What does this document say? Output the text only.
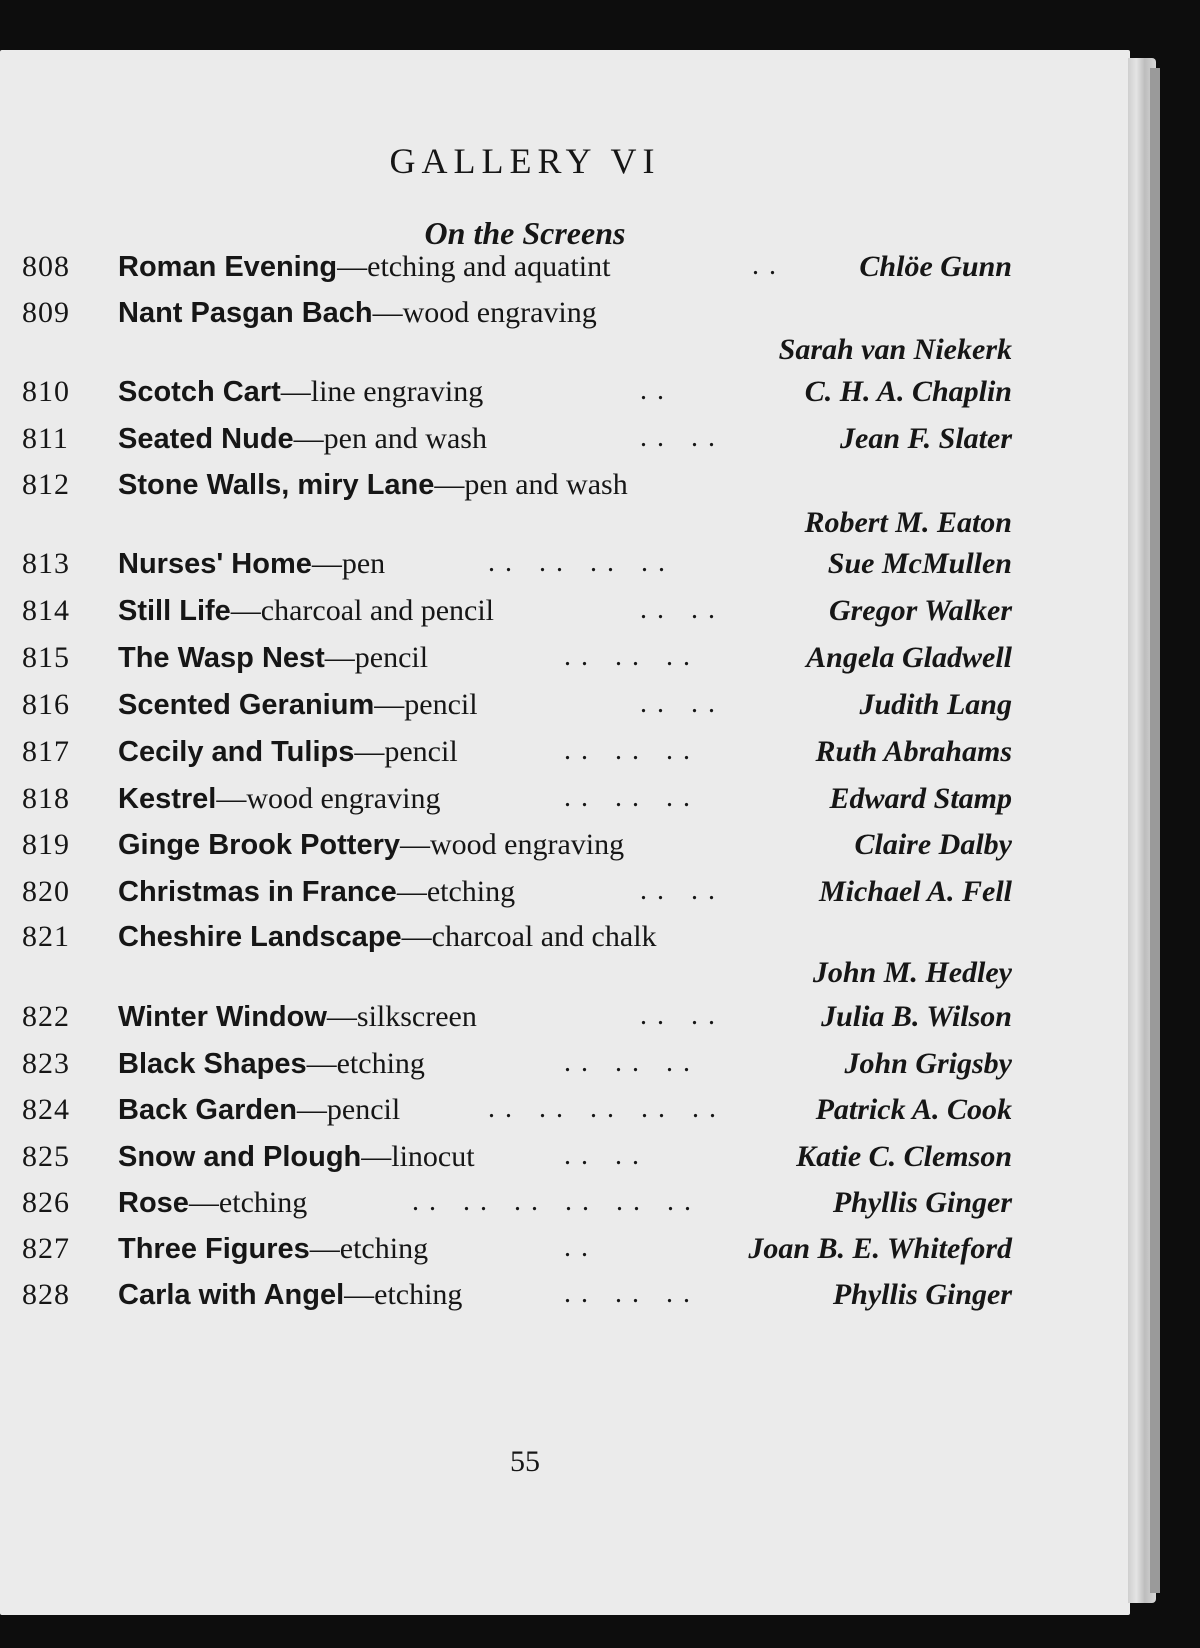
GALLERY VI
On the Screens
808 Roman Evening—etching and aquatint	.. Chlöe Gunn
809 Nant Pasgan Bach—wood engraving
Sarah van Niekerk
810 Scotch Cart—line engraving	..	C. H. A. Chaplin
811 Seated Nude—pen and wash	.. ..	Jean F. Slater
812 Stone Walls, miry Lane—pen and wash
Robert M. Eaton
813 Nurses' Home—pen	.. .. .. ..	Sue McMullen
814 Still Life—charcoal and pencil	.. ..	Gregor Walker
815 The Wasp Nest—pencil	.. .. ..	Angela Gladwell
816 Scented Geranium—pencil	.. ..	Judith Lang
817 Cecily and Tulips—pencil	.. .. ..	Ruth Abrahams
818 Kestrel—wood engraving	.. .. ..	Edward Stamp
819 Ginge Brook Pottery—wood engraving	Claire Dalby
820 Christmas in France—etching	.. ..	Michael A. Fell
821 Cheshire Landscape—charcoal and chalk
John M. Hedley
822 Winter Window—silkscreen	.. ..	Julia B. Wilson
823 Black Shapes—etching	.. .. ..	John Grigsby
824 Back Garden—pencil	.. .. .. .. ..	Patrick A. Cook
825 Snow and Plough—linocut	.. ..	Katie C. Clemson
826 Rose—etching	.. .. .. .. .. ..	Phyllis Ginger
827 Three Figures—etching	..	Joan B. E. Whiteford
828 Carla with Angel—etching	.. .. ..	Phyllis Ginger
55
